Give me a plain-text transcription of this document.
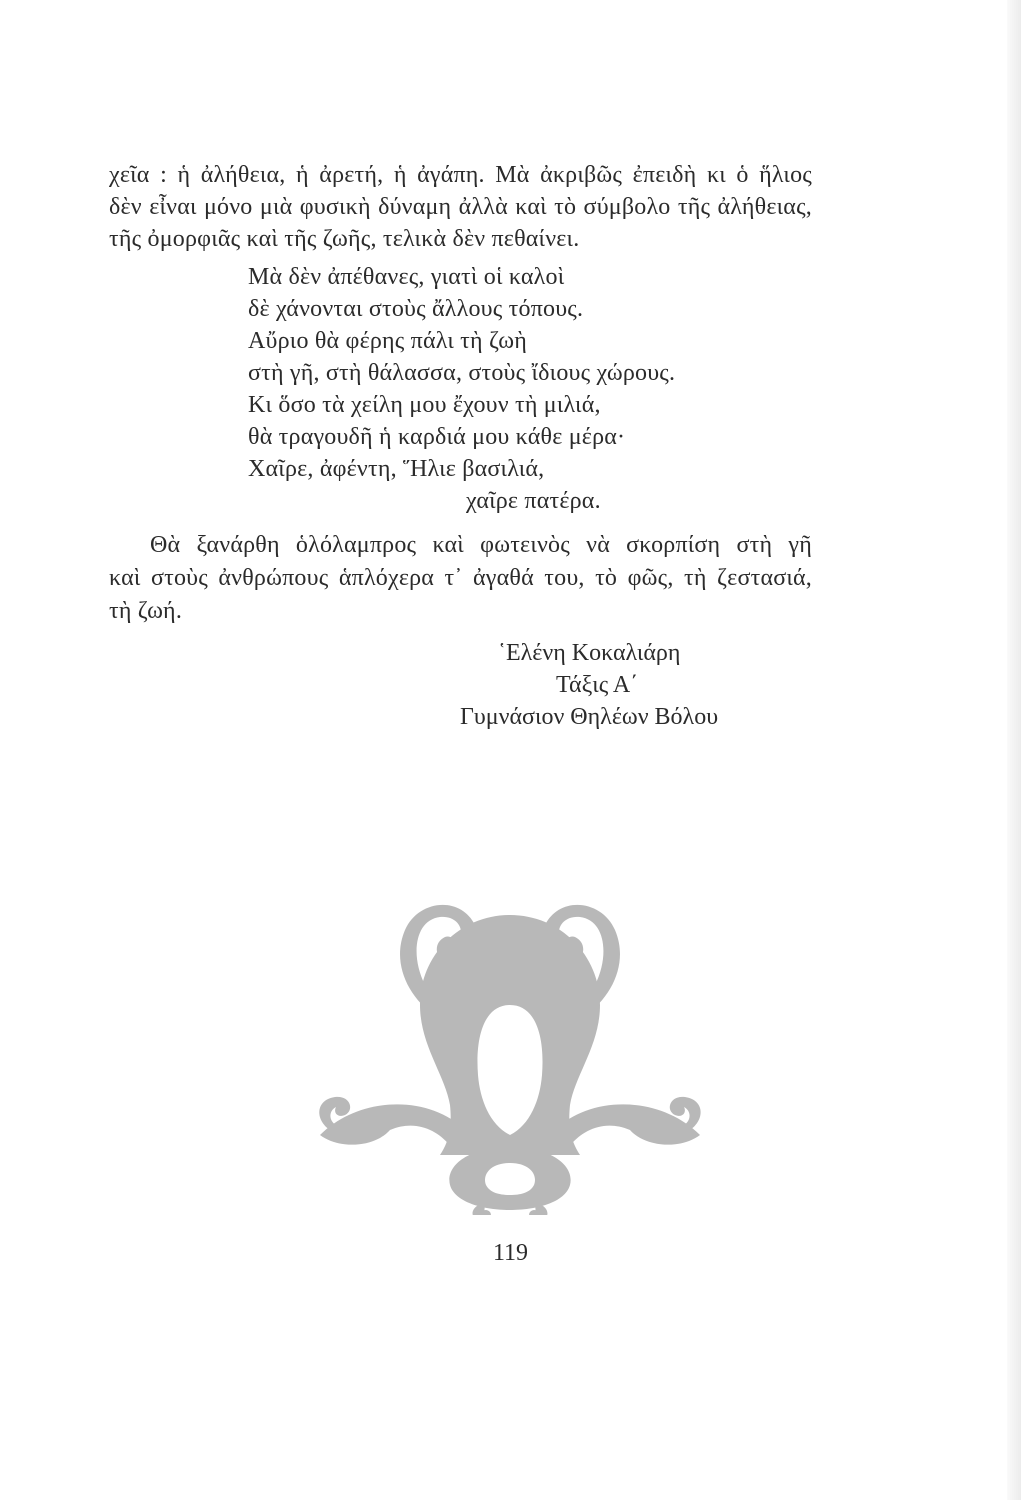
χεῖα : ἡ ἀλήθεια, ἡ ἀρετή, ἡ ἀγάπη. Μὰ ἀκριβῶς ἐπειδὴ κι ὁ ἥλιος
δὲν εἶναι μόνο μιὰ φυσικὴ δύναμη ἀλλὰ καὶ τὸ σύμβολο τῆς ἀλήθειας,
τῆς ὀμορφιᾶς καὶ τῆς ζωῆς, τελικὰ δὲν πεθαίνει.
Μὰ δὲν ἀπέθανες, γιατὶ οἱ καλοὶ
δὲ χάνονται στοὺς ἄλλους τόπους.
Αὔριο θὰ φέρης πάλι τὴ ζωὴ
στὴ γῆ, στὴ θάλασσα, στοὺς ἴδιους χώρους.
Κι ὅσο τὰ χείλη μου ἔχουν τὴ μιλιά,
θὰ τραγουδῆ ἡ καρδιά μου κάθε μέρα·
Χαῖρε, ἀφέντη, Ἥλιε βασιλιά,
χαῖρε πατέρα.
Θὰ ξανάρθη ὁλόλαμπρος καὶ φωτεινὸς νὰ σκορπίση στὴ γῆ
καὶ στοὺς ἀνθρώπους ἁπλόχερα τ᾽ ἀγαθά του, τὸ φῶς, τὴ ζεστασιά,
τὴ ζωή.
῾Ελένη Κοκαλιάρη
Τάξις Α΄
Γυμνάσιον Θηλέων Βόλου
119
